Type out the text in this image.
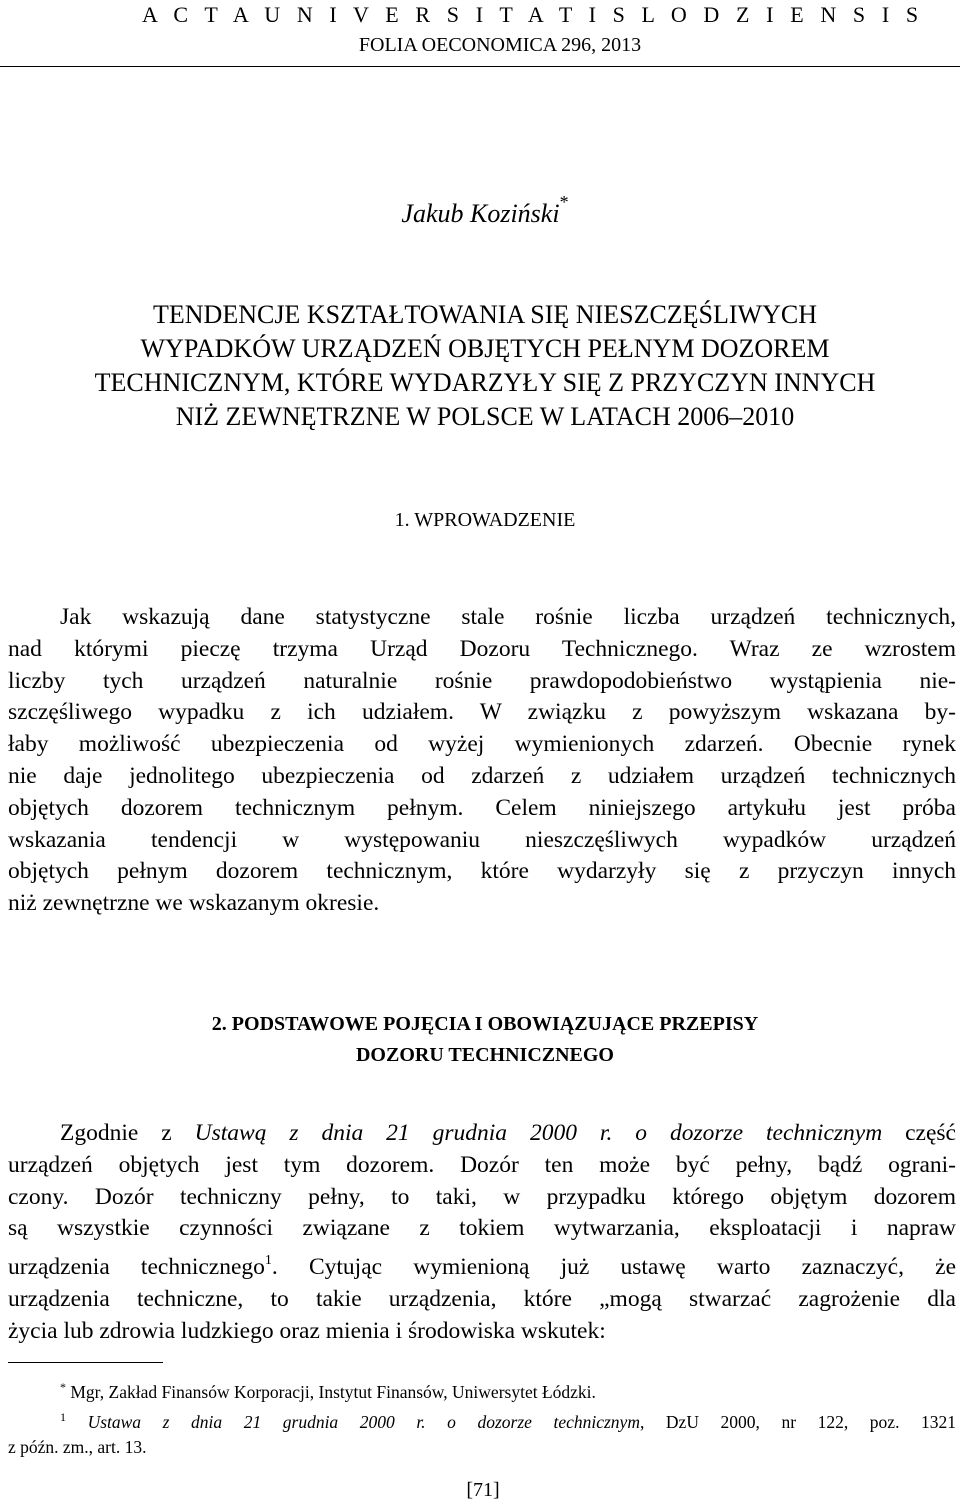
A C T A U N I V E R S I T A T I S L O D Z I E N S I S
FOLIA OECONOMICA 296, 2013
Jakub Koziński*
TENDENCJE KSZTAŁTOWANIA SIĘ NIESZCZĘŚLIWYCH
WYPADKÓW URZĄDZEŃ OBJĘTYCH PEŁNYM DOZOREM
TECHNICZNYM, KTÓRE WYDARZYŁY SIĘ Z PRZYCZYN INNYCH
NIŻ ZEWNĘTRZNE W POLSCE W LATACH 2006–2010
1. WPROWADZENIE
Jak wskazują dane statystyczne stale rośnie liczba urządzeń technicznych,
nad którymi pieczę trzyma Urząd Dozoru Technicznego. Wraz ze wzrostem
liczby tych urządzeń naturalnie rośnie prawdopodobieństwo wystąpienia nie-
szczęśliwego wypadku z ich udziałem. W związku z powyższym wskazana by-
łaby możliwość ubezpieczenia od wyżej wymienionych zdarzeń. Obecnie rynek
nie daje jednolitego ubezpieczenia od zdarzeń z udziałem urządzeń technicznych
objętych dozorem technicznym pełnym. Celem niniejszego artykułu jest próba
wskazania tendencji w występowaniu nieszczęśliwych wypadków urządzeń
objętych pełnym dozorem technicznym, które wydarzyły się z przyczyn innych
niż zewnętrzne we wskazanym okresie.
2. PODSTAWOWE POJĘCIA I OBOWIĄZUJĄCE PRZEPISY
DOZORU TECHNICZNEGO
Zgodnie z Ustawą z dnia 21 grudnia 2000 r. o dozorze technicznym część
urządzeń objętych jest tym dozorem. Dozór ten może być pełny, bądź ograni-
czony. Dozór techniczny pełny, to taki, w przypadku którego objętym dozorem
są wszystkie czynności związane z tokiem wytwarzania, eksploatacji i napraw
urządzenia technicznego$^1$. Cytując wymienioną już ustawę warto zaznaczyć, że
urządzenia techniczne, to takie urządzenia, które „mogą stwarzać zagrożenie dla
życia lub zdrowia ludzkiego oraz mienia i środowiska wskutek:
* Mgr, Zakład Finansów Korporacji, Instytut Finansów, Uniwersytet Łódzki.
$^1$ Ustawa z dnia 21 grudnia 2000 r. o dozorze technicznym, DzU 2000, nr 122, poz. 1321
z późn. zm., art. 13.
[71]
